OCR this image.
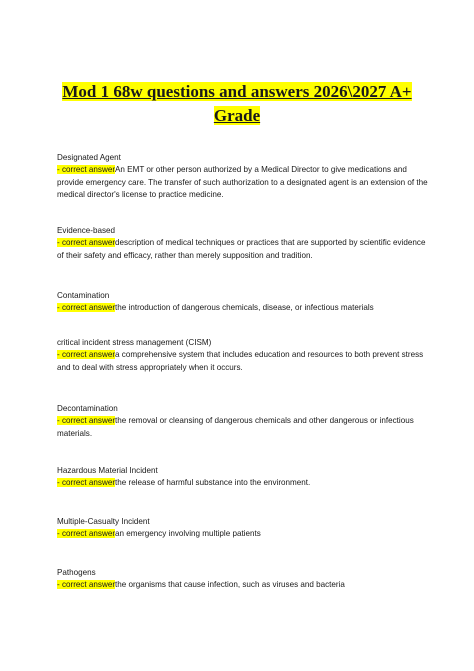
Mod 1 68w questions and answers 2026\2027 A+ Grade
Designated Agent
- correct answerAn EMT or other person authorized by a Medical Director to give medications and provide emergency care. The transfer of such authorization to a designated agent is an extension of the medical director's license to practice medicine.
Evidence-based
- correct answerdescription of medical techniques or practices that are supported by scientific evidence of their safety and efficacy, rather than merely supposition and tradition.
Contamination
- correct answerthe introduction of dangerous chemicals, disease, or infectious materials
critical incident stress management (CISM)
- correct answera comprehensive system that includes education and resources to both prevent stress and to deal with stress appropriately when it occurs.
Decontamination
- correct answerthe removal or cleansing of dangerous chemicals and other dangerous or infectious materials.
Hazardous Material Incident
- correct answerthe release of harmful substance into the environment.
Multiple-Casualty Incident
- correct answeran emergency involving multiple patients
Pathogens
- correct answerthe organisms that cause infection, such as viruses and bacteria
